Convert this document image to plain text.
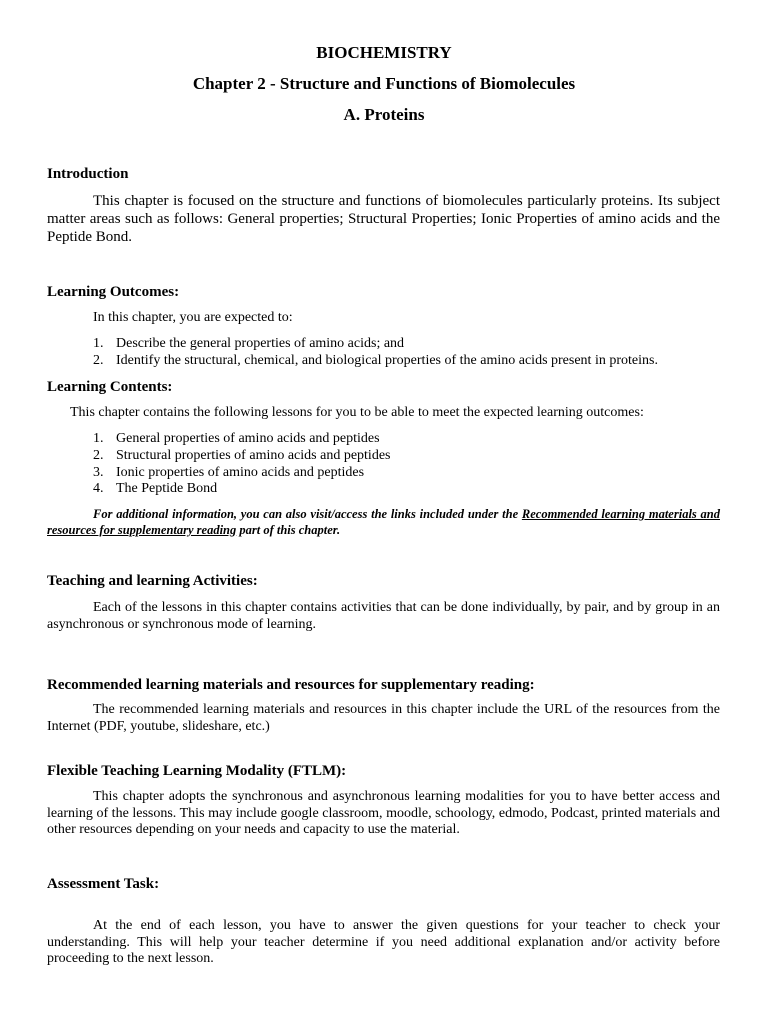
BIOCHEMISTRY

Chapter 2 - Structure and Functions of Biomolecules

A. Proteins

Introduction

This chapter is focused on the structure and functions of biomolecules particularly proteins. Its subject matter areas such as follows: General properties; Structural Properties; Ionic Properties of amino acids and the Peptide Bond.

Learning Outcomes:

In this chapter, you are expected to:

1. Describe the general properties of amino acids; and
2. Identify the structural, chemical, and biological properties of the amino acids present in proteins.

Learning Contents:

This chapter contains the following lessons for you to be able to meet the expected learning outcomes:

1. General properties of amino acids and peptides
2. Structural properties of amino acids and peptides
3. Ionic properties of amino acids and peptides
4. The Peptide Bond

For additional information, you can also visit/access the links included under the Recommended learning materials and resources for supplementary reading part of this chapter.

Teaching and learning Activities:

Each of the lessons in this chapter contains activities that can be done individually, by pair, and by group in an asynchronous or synchronous mode of learning.

Recommended learning materials and resources for supplementary reading:

The recommended learning materials and resources in this chapter include the URL of the resources from the Internet (PDF, youtube, slideshare, etc.)

Flexible Teaching Learning Modality (FTLM):

This chapter adopts the synchronous and asynchronous learning modalities for you to have better access and learning of the lessons. This may include google classroom, moodle, schoology, edmodo, Podcast, printed materials and other resources depending on your needs and capacity to use the material.

Assessment Task:

At the end of each lesson, you have to answer the given questions for your teacher to check your understanding. This will help your teacher determine if you need additional explanation and/or activity before proceeding to the next lesson.
